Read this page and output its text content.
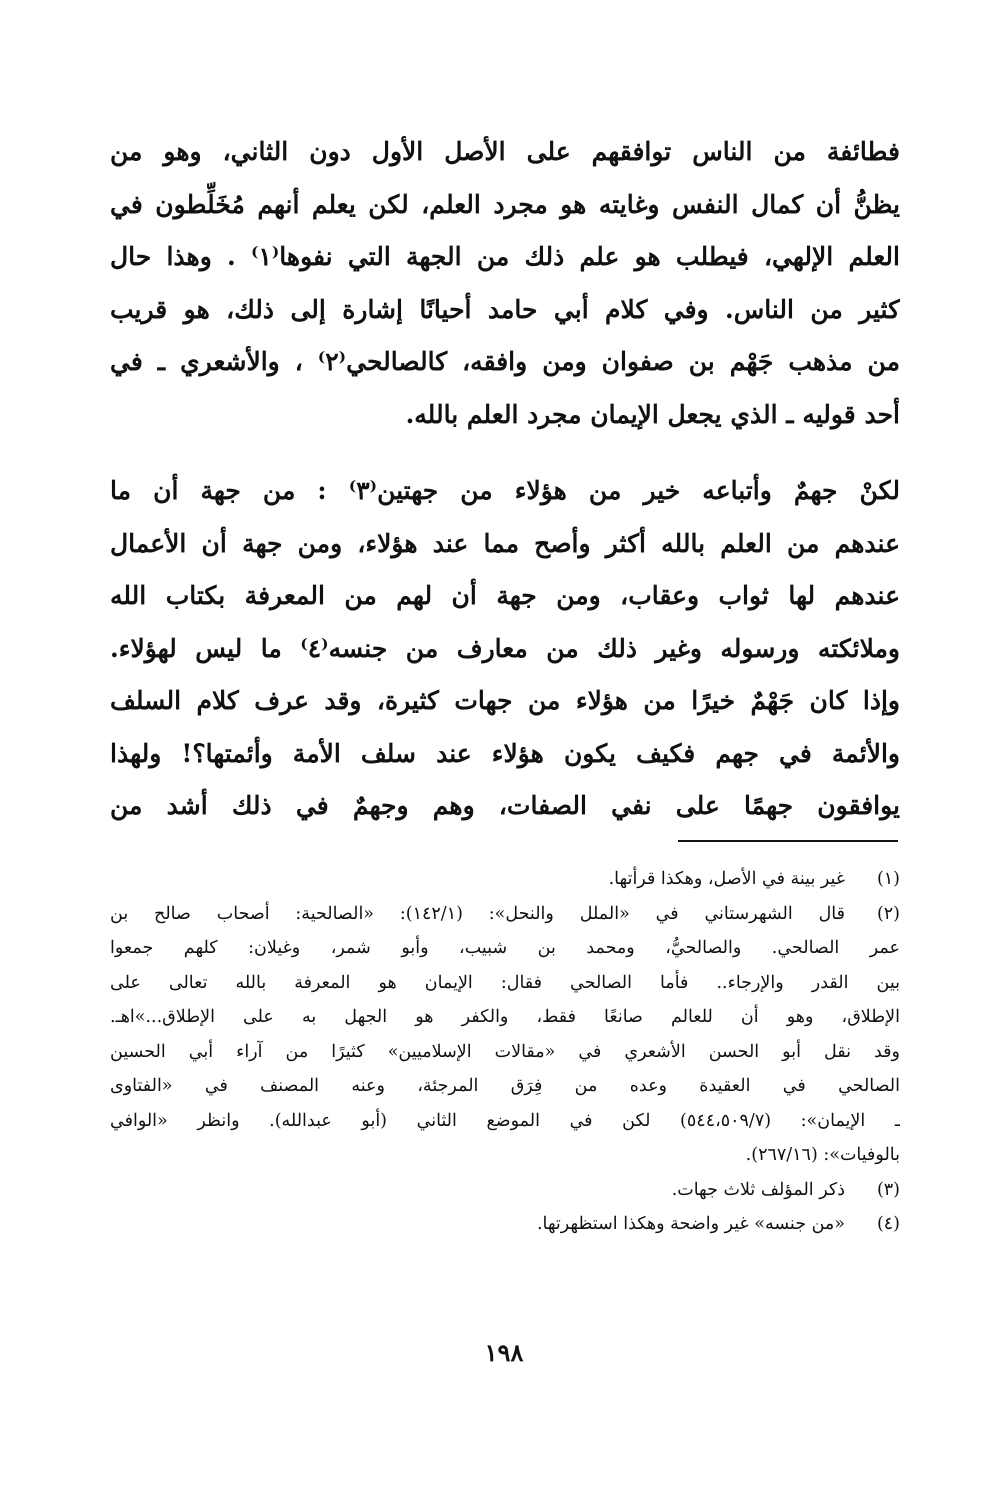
فطائفة من الناس توافقهم على الأصل الأول دون الثاني، وهو من
يظنُّ أن كمال النفس وغايته هو مجرد العلم، لكن يعلم أنهم مُخَلِّطون في
العلم الإلهي، فيطلب هو علم ذلك من الجهة التي نفوها⁽١⁾ . وهذا حال
كثير من الناس. وفي كلام أبي حامد أحيانًا إشارة إلى ذلك، هو قريب
من مذهب جَهْم بن صفوان ومن وافقه، كالصالحي⁽٢⁾ ، والأشعري ـ في
أحد قوليه ـ الذي يجعل الإيمان مجرد العلم بالله.

لكنْ جهمٌ وأتباعه خير من هؤلاء من جهتين⁽٣⁾ : من جهة أن ما
عندهم من العلم بالله أكثر وأصح مما عند هؤلاء، ومن جهة أن الأعمال
عندهم لها ثواب وعقاب، ومن جهة أن لهم من المعرفة بكتاب الله
وملائكته ورسوله وغير ذلك من معارف من جنسه⁽٤⁾ ما ليس لهؤلاء.
وإذا كان جَهْمٌ خيرًا من هؤلاء من جهات كثيرة، وقد عرف كلام السلف
والأئمة في جهم فكيف يكون هؤلاء عند سلف الأمة وأئمتها؟! ولهذا
يوافقون جهمًا على نفي الصفات، وهم وجهمٌ في ذلك أشد من

(١)
غير بينة في الأصل، وهكذا قرأتها.
(٢)
قال الشهرستاني في «الملل والنحل»: (١٤٢/١): «الصالحية: أصحاب صالح بن
عمر الصالحي. والصالحيُّ، ومحمد بن شبيب، وأبو شمر، وغيلان: كلهم جمعوا
بين القدر والإرجاء.. فأما الصالحي فقال: الإيمان هو المعرفة بالله تعالى على
الإطلاق، وهو أن للعالم صانعًا فقط، والكفر هو الجهل به على الإطلاق...»اهـ.
وقد نقل أبو الحسن الأشعري في «مقالات الإسلاميين» كثيرًا من آراء أبي الحسين
الصالحي في العقيدة وعده من فِرَق المرجئة، وعنه المصنف في «الفتاوى
ـ الإيمان»: (٥٤٤،٥٠٩/٧) لكن في الموضع الثاني (أبو عبدالله). وانظر «الوافي
بالوفيات»: (٢٦٧/١٦).
(٣)
ذكر المؤلف ثلاث جهات.
(٤)
«من جنسه» غير واضحة وهكذا استظهرتها.
١٩٨
